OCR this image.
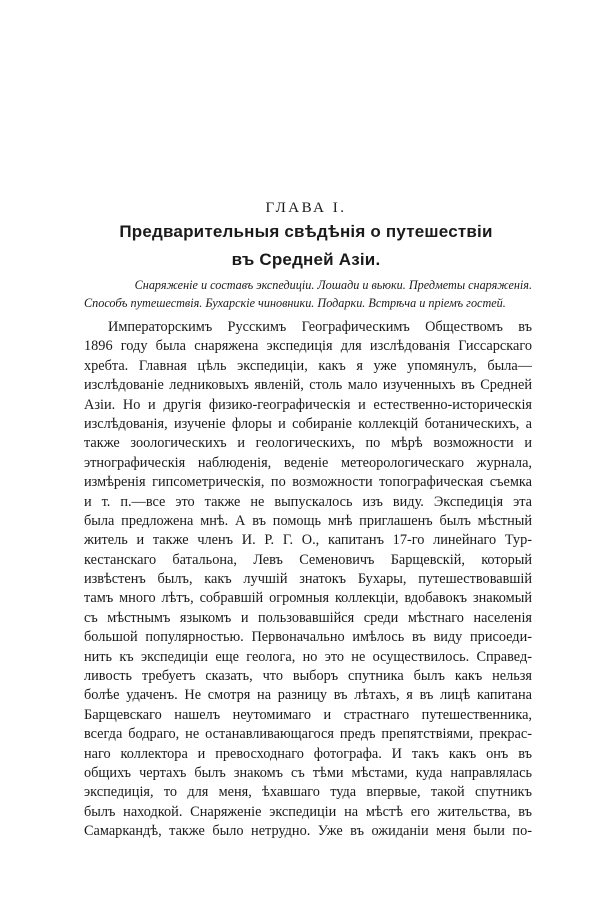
ГЛАВА I.
Предварительныя свѣдѣнія о путешествіи
въ Средней Азіи.
Снаряженіе и составъ экспедиціи. Лошади и вьюки. Предметы снаряженія.
Способъ путешествія. Бухарскіе чиновники. Подарки. Встрѣча и пріемъ гостей.
Императорскимъ Русскимъ Географическимъ Обществомъ въ
1896 году была снаряжена экспедиція для изслѣдованія Гиссарскаго
хребта. Главная цѣль экспедиціи, какъ я уже упомянулъ, была—
изслѣдованіе ледниковыхъ явленій, столь мало изученныхъ въ Средней
Азіи. Но и другія физико-географическія и естественно-историческія
изслѣдованія, изученіе флоры и собираніе коллекцій ботаническихъ, а
также зоологическихъ и геологическихъ, по мѣрѣ возможности и
этнографическія наблюденія, веденіе метеорологическаго журнала,
измѣренія гипсометрическія, по возможности топографическая съемка
и т. п.—все это также не выпускалось изъ виду. Экспедиція эта
была предложена мнѣ. А въ помощь мнѣ приглашенъ былъ мѣстный
житель и также членъ И. Р. Г. О., капитанъ 17-го линейнаго Тур-
кестанскаго батальона, Левъ Семеновичъ Барщевскій, который
извѣстенъ былъ, какъ лучшій знатокъ Бухары, путешествовавшій
тамъ много лѣтъ, собравшій огромныя коллекціи, вдобавокъ знакомый
съ мѣстнымъ языкомъ и пользовавшійся среди мѣстнаго населенія
большой популярностью. Первоначально имѣлось въ виду присоеди-
нить къ экспедиціи еще геолога, но это не осуществилось. Справед-
ливость требуетъ сказать, что выборъ спутника былъ какъ нельзя
болѣе удаченъ. Не смотря на разницу въ лѣтахъ, я въ лицѣ капитана
Барщевскаго нашелъ неутомимаго и страстнаго путешественника,
всегда бодраго, не останавливающагося предъ препятствіями, прекрас-
наго коллектора и превосходнаго фотографа. И такъ какъ онъ въ
общихъ чертахъ былъ знакомъ съ тѣми мѣстами, куда направлялась
экспедиція, то для меня, ѣхавшаго туда впервые, такой спутникъ
былъ находкой. Снаряженіе экспедиціи на мѣстѣ его жительства, въ
Самаркандѣ, также было нетрудно. Уже въ ожиданіи меня были по-
